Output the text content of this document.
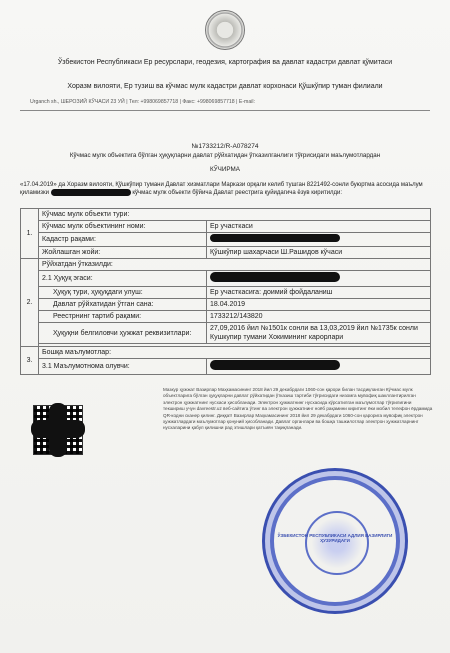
Ўзбекистон Республикаси Ер ресурслари, геодезия, картография ва давлат кадастри давлат қўмитаси
Хоразм вилояти, Ер тузиш ва кўчмас мулк кадастри давлат корхонаси Қўшкўпир туман филиали
Urganch sh., ШЕРОЗИЙ КЎЧАСИ 23 УЙ | Тел: +998069857718 | Факс: +998069857718 | E-mail:
№1733212/R-A078274
Кўчмас мулк объектига бўлган ҳуқуқларни давлат рўйхатидан ўтказилганлиги тўғрисидаги маълумотлардан
КЎЧИРМА
«17.04.2019» да Хоразм вилояти, Қўшкўпир тумани Давлат хизматлари Маркази орқали келиб тушган 8221492-сонли буюртма асосида маълум қиламизки	кўчмас мулк объекти бўйича Давлат реестрига қуйидагича ёзув киритилди:
1.	Кўчмас мулк объекти тури:	
	Кўчмас мулк объектининг номи:	Ер участкаси
	Кадастр рақами:	
	Жойлашган жойи:	Қўшкўпир шахарчаси Ш.Рашидов кўчаси
2.	Рўйхатдан ўтказилди:	
	2.1 Ҳуқуқ эгаси:	
	Ҳуқуқ тури, ҳуқуқдаги улуш:	Ер участкасига: доимий фойдаланиш
	Давлат рўйхатидан ўтган сана:	18.04.2019
	Реестрнинг тартиб рақами:	1733212/143820
	Ҳуқуқни белгиловчи ҳужжат реквизитлари:	27,09,2016 йил №1501к сонли ва 13,03,2019 йил №1735к сонли Кушкупир тумани Хокимининг карорлари

3.	Бошқа маълумотлар:	
	3.1 Маълумотнома олувчи:	
Мазкур ҳужжат Вазирлар Маҳкамасининг 2018 йил 29 декабрдаги 1060-сон қарори билан тасдиқланган Кўчмас мулк объектларига бўлган ҳуқуқларни давлат рўйхатидан ўтказиш тартиби тўғрисидаги низомга мувофиқ шакллантирилган электрон ҳужжатнинг нусхаси ҳисобланади. Электрон ҳужжатнинг нусхасида кўрсатилган маълумотлар тўғрилигини текшириш учун davreestr.uz веб-сайтига ўтинг ва электрон ҳужжатнинг ноёб рақамини киритинг ёки мобил телефон ёрдамида QR-кодни сканер қилинг. Диққат! Вазирлар Маҳкамасининг 2018 йил 29 декабрдаги 1060-сон қарорига мувофиқ электрон ҳужжатлардаги маълумотлар қонуний ҳисобланади. Давлат органлари ва бошқа ташкилотлар электрон ҳужжатларнинг нусхаларини қабул қилишни рад этишлари қатъиян тақиқланади.
ЎЗБЕКИСТОН РЕСПУБЛИКАСИ АДЛИЯ ВАЗИРЛИГИ ҲУЗУРИДАГИ
